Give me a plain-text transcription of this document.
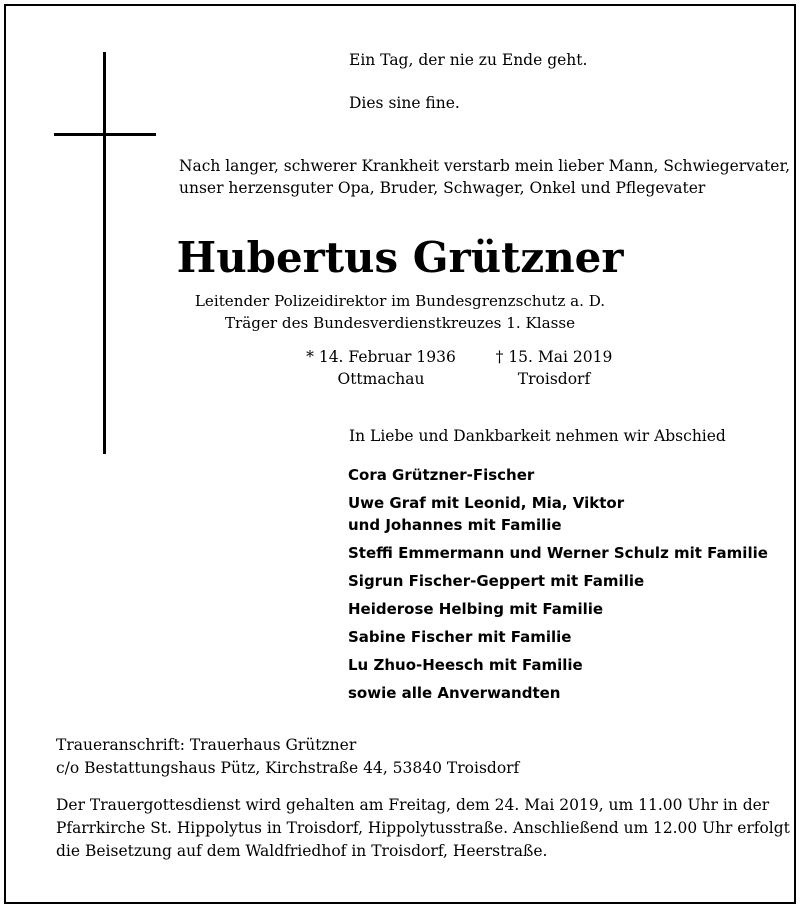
Ein Tag, der nie zu Ende geht.
Dies sine fine.
Nach langer, schwerer Krankheit verstarb mein lieber Mann, Schwiegervater,
unser herzensguter Opa, Bruder, Schwager, Onkel und Pflegevater
Hubertus Grützner
Leitender Polizeidirektor im Bundesgrenzschutz a. D.
Träger des Bundesverdienstkreuzes 1. Klasse
* 14. Februar 1936
Ottmachau
† 15. Mai 2019
Troisdorf
In Liebe und Dankbarkeit nehmen wir Abschied
Cora Grützner-Fischer
Uwe Graf mit Leonid, Mia, Viktor
und Johannes mit Familie
Steffi Emmermann und Werner Schulz mit Familie
Sigrun Fischer-Geppert mit Familie
Heiderose Helbing mit Familie
Sabine Fischer mit Familie
Lu Zhuo-Heesch mit Familie
sowie alle Anverwandten
Traueranschrift: Trauerhaus Grützner
c/o Bestattungshaus Pütz, Kirchstraße 44, 53840 Troisdorf
Der Trauergottesdienst wird gehalten am Freitag, dem 24. Mai 2019, um 11.00 Uhr in der
Pfarrkirche St. Hippolytus in Troisdorf, Hippolytusstraße. Anschließend um 12.00 Uhr erfolgt
die Beisetzung auf dem Waldfriedhof in Troisdorf, Heerstraße.
